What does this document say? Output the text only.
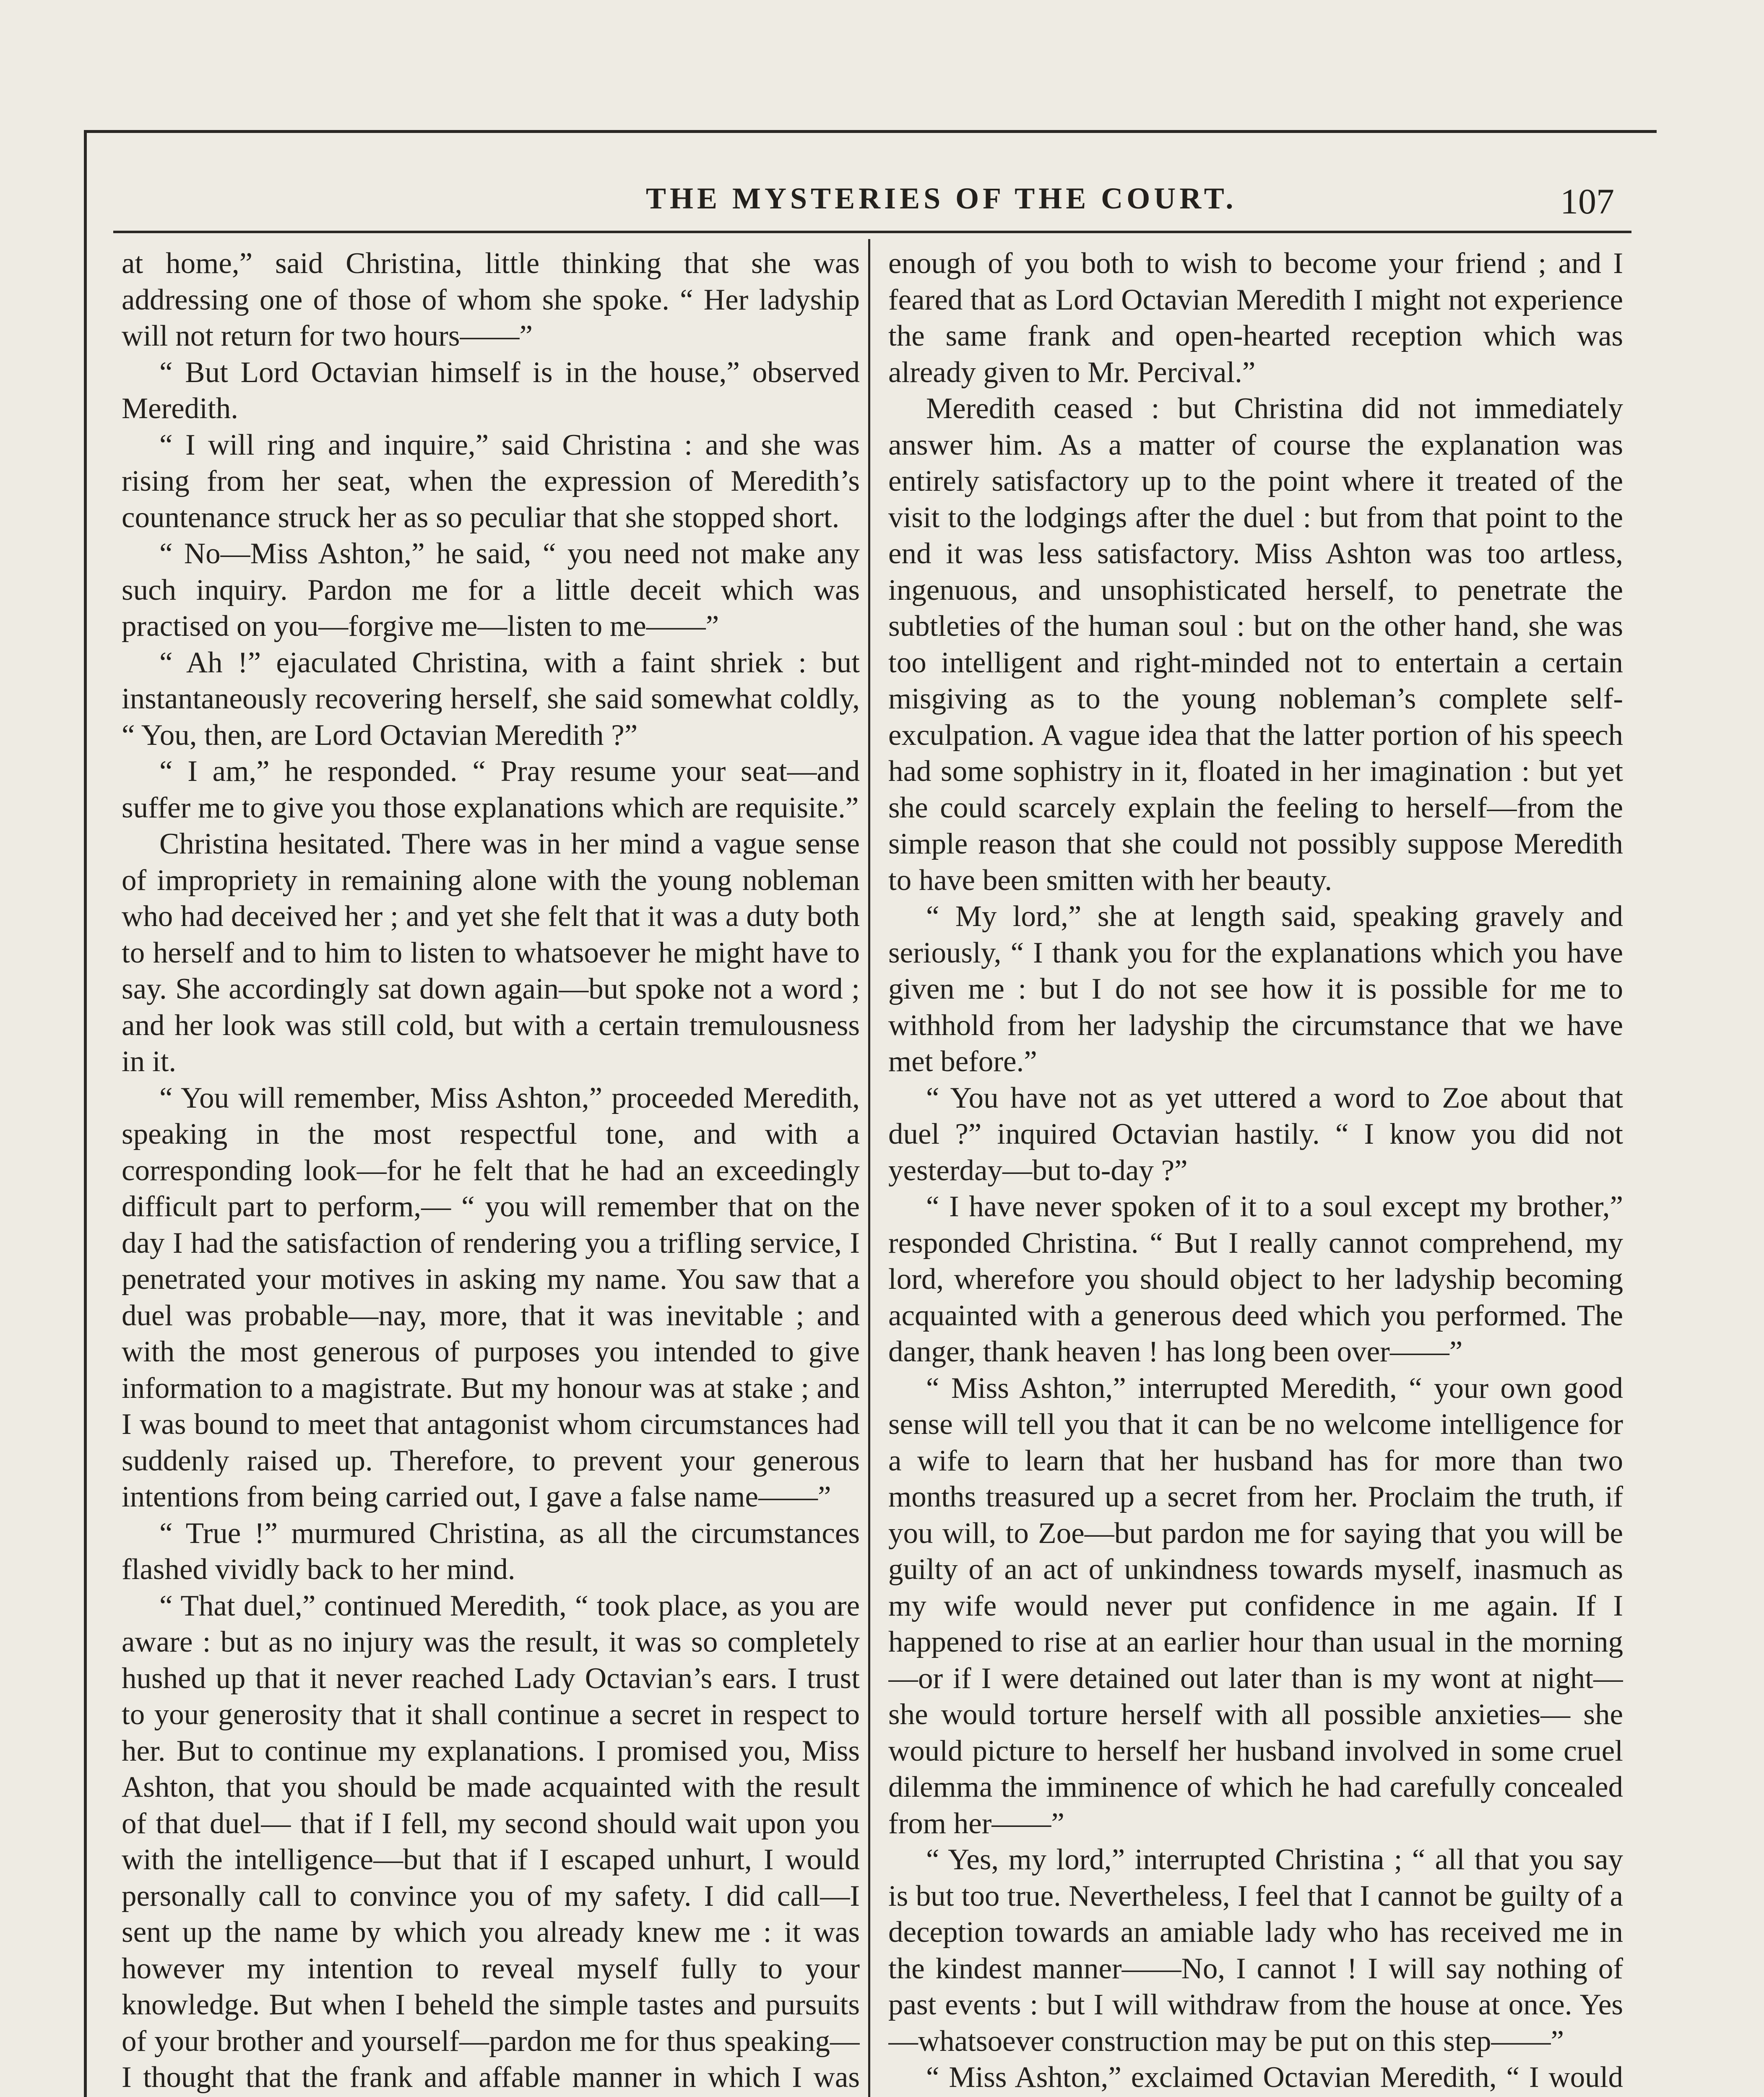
THE MYSTERIES OF THE COURT.	107

at home,” said Christina, little thinking that she was addressing one of those of whom she spoke. “ Her ladyship will not return for two hours——”

“ But Lord Octavian himself is in the house,” observed Meredith.

“ I will ring and inquire,” said Christina : and she was rising from her seat, when the expression of Meredith’s countenance struck her as so peculiar that she stopped short.

“ No—Miss Ashton,” he said, “ you need not make any such inquiry. Pardon me for a little deceit which was practised on you—forgive me—listen to me——”

“ Ah !” ejaculated Christina, with a faint shriek : but instantaneously recovering herself, she said somewhat coldly, “ You, then, are Lord Octavian Meredith ?”

“ I am,” he responded. “ Pray resume your seat—and suffer me to give you those explanations which are requisite.”

Christina hesitated. There was in her mind a vague sense of impropriety in remaining alone with the young nobleman who had deceived her ; and yet she felt that it was a duty both to herself and to him to listen to whatsoever he might have to say. She accordingly sat down again—but spoke not a word ; and her look was still cold, but with a certain tremulousness in it.

“ You will remember, Miss Ashton,” proceeded Meredith, speaking in the most respectful tone, and with a corresponding look—for he felt that he had an exceedingly difficult part to perform,— “ you will remember that on the day I had the satisfaction of rendering you a trifling service, I penetrated your motives in asking my name. You saw that a duel was probable—nay, more, that it was inevitable ; and with the most generous of purposes you intended to give information to a magistrate. But my honour was at stake ; and I was bound to meet that antagonist whom circumstances had suddenly raised up. Therefore, to prevent your generous intentions from being carried out, I gave a false name——”

“ True !” murmured Christina, as all the circumstances flashed vividly back to her mind.

“ That duel,” continued Meredith, “ took place, as you are aware : but as no injury was the result, it was so completely hushed up that it never reached Lady Octavian’s ears. I trust to your generosity that it shall continue a secret in respect to her. But to continue my explanations. I promised you, Miss Ashton, that you should be made acquainted with the result of that duel— that if I fell, my second should wait upon you with the intelligence—but that if I escaped unhurt, I would personally call to convince you of my safety. I did call—I sent up the name by which you already knew me : it was however my intention to reveal myself fully to your knowledge. But when I beheld the simple tastes and pursuits of your brother and yourself—pardon me for thus speaking—I thought that the frank and affable manner in which I was

enough of you both to wish to become your friend ; and I feared that as Lord Octavian Meredith I might not experience the same frank and open-hearted reception which was already given to Mr. Percival.”

Meredith ceased : but Christina did not immediately answer him. As a matter of course the explanation was entirely satisfactory up to the point where it treated of the visit to the lodgings after the duel : but from that point to the end it was less satisfactory. Miss Ashton was too artless, ingenuous, and unsophisticated herself, to penetrate the subtleties of the human soul : but on the other hand, she was too intelligent and right-minded not to entertain a certain misgiving as to the young nobleman’s complete self-exculpation. A vague idea that the latter portion of his speech had some sophistry in it, floated in her imagination : but yet she could scarcely explain the feeling to herself—from the simple reason that she could not possibly suppose Meredith to have been smitten with her beauty.

“ My lord,” she at length said, speaking gravely and seriously, “ I thank you for the explanations which you have given me : but I do not see how it is possible for me to withhold from her ladyship the circumstance that we have met before.”

“ You have not as yet uttered a word to Zoe about that duel ?” inquired Octavian hastily. “ I know you did not yesterday—but to-day ?”

“ I have never spoken of it to a soul except my brother,” responded Christina. “ But I really cannot comprehend, my lord, wherefore you should object to her ladyship becoming acquainted with a generous deed which you performed. The danger, thank heaven ! has long been over——”

“ Miss Ashton,” interrupted Meredith, “ your own good sense will tell you that it can be no welcome intelligence for a wife to learn that her husband has for more than two months treasured up a secret from her. Proclaim the truth, if you will, to Zoe—but pardon me for saying that you will be guilty of an act of unkindness towards myself, inasmuch as my wife would never put confidence in me again. If I happened to rise at an earlier hour than usual in the morning—or if I were detained out later than is my wont at night—she would torture herself with all possible anxieties— she would picture to herself her husband involved in some cruel dilemma the imminence of which he had carefully concealed from her——”

“ Yes, my lord,” interrupted Christina ; “ all that you say is but too true. Nevertheless, I feel that I cannot be guilty of a deception towards an amiable lady who has received me in the kindest manner——No, I cannot ! I will say nothing of past events : but I will withdraw from the house at once. Yes—whatsoever construction may be put on this step——”

“ Miss Ashton,” exclaimed Octavian Meredith, “ I would
